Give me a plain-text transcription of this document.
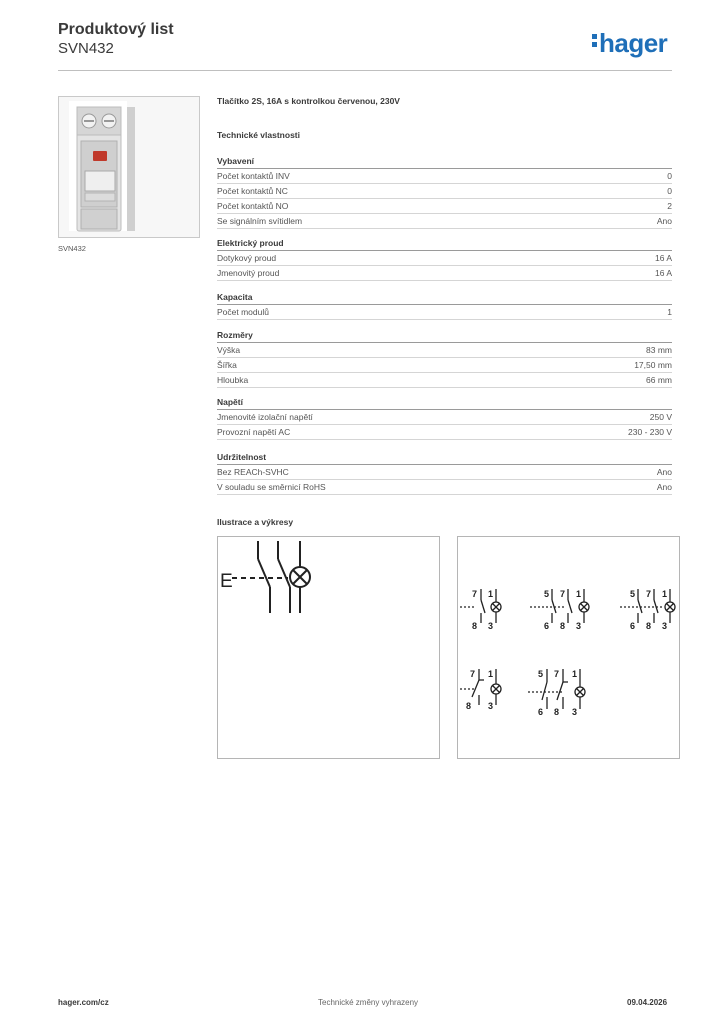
Produktový list
SVN432	hager
SVN432
Tlačítko 2S, 16A s kontrolkou červenou, 230V
Technické vlastnosti
Vybavení
Počet kontaktů INV	0
Počet kontaktů NC	0
Počet kontaktů NO	2
Se signálním svítidlem	Ano
Elektrický proud
Dotykový proud	16 A
Jmenovitý proud	16 A
Kapacita
Počet modulů	1
Rozměry
Výška	83 mm
Šířka	17,50 mm
Hloubka	66 mm
Napětí
Jmenovité izolační napětí	250 V
Provozní napětí AC	230 - 230 V
Udržitelnost
Bez REACh-SVHC	Ano
V souladu se směrnicí RoHS	Ano
Ilustrace a výkresy
E
7 1
8 3
5 7 1
6 8 3
5 7 1
6 8 3
7 1
8 3
5 7 1
6 8 3
hager.com/cz	Technické změny vyhrazeny	09.04.2026
